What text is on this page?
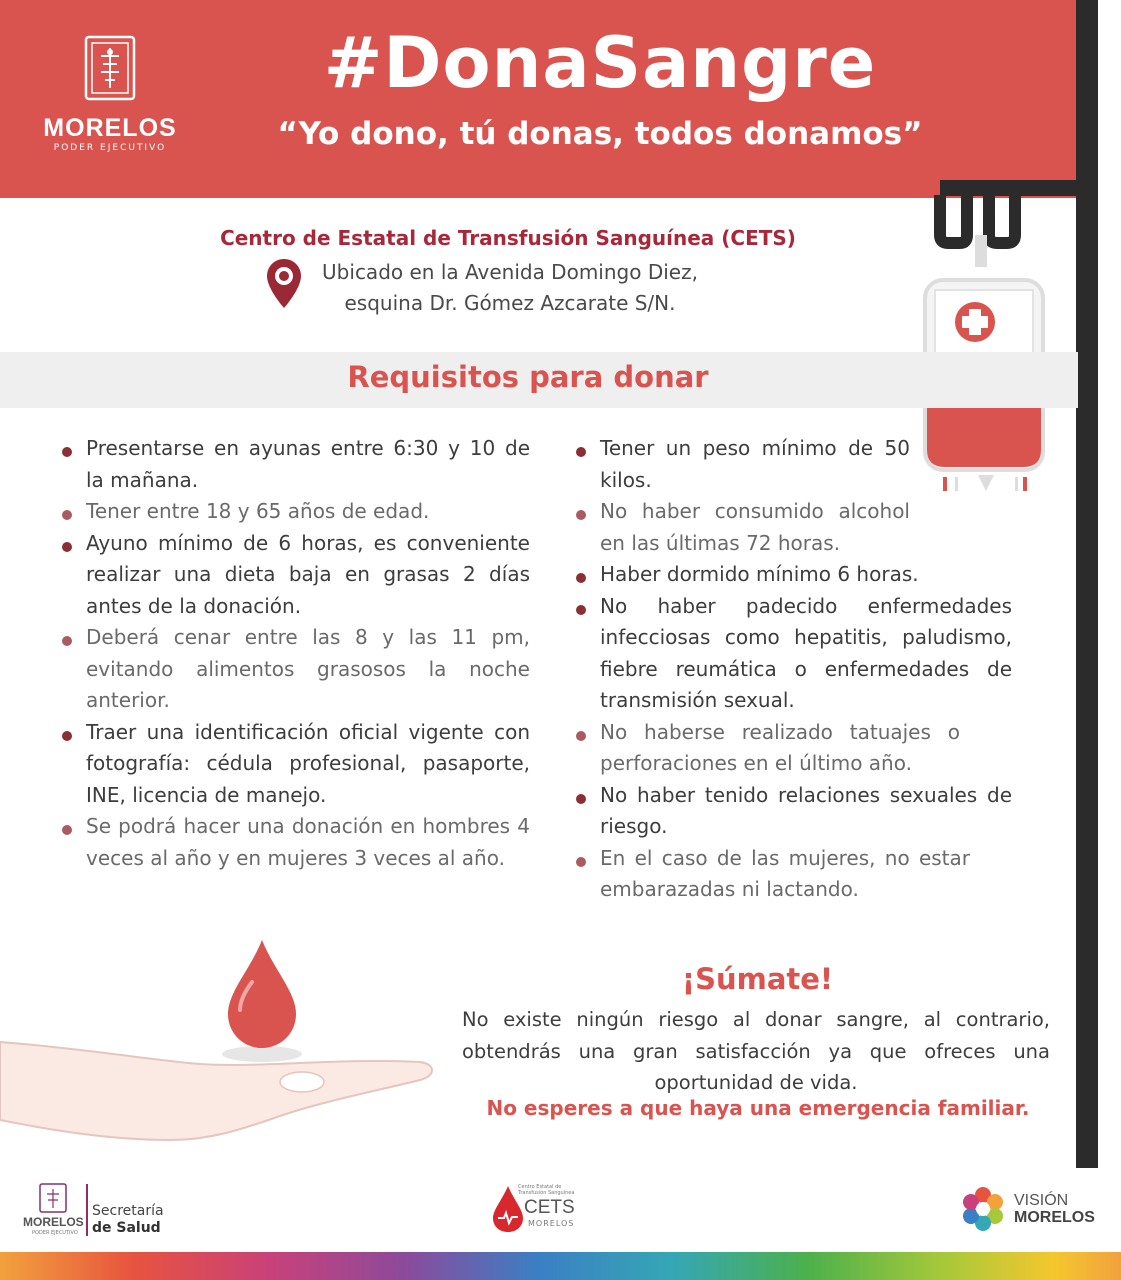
MORELOS
PODER EJECUTIVO
#DonaSangre
“Yo dono, tú donas, todos donamos”
Centro de Estatal de Transfusión Sanguínea (CETS)
Ubicado en la Avenida Domingo Diez,
esquina Dr. Gómez Azcarate S/N.
Requisitos para donar
Presentarse en ayunas entre 6:30 y 10 de la mañana.
Tener entre 18 y 65 años de edad.
Ayuno mínimo de 6 horas, es conveniente realizar una dieta baja en grasas 2 días antes de la donación.
Deberá cenar entre las 8 y las 11 pm, evitando alimentos grasosos la noche anterior.
Traer una identificación oficial vigente con fotografía: cédula profesional, pasaporte, INE, licencia de manejo.
Se podrá hacer una donación en hombres 4 veces al año y en mujeres 3 veces al año.
Tener un peso mínimo de 50 kilos.
No haber consumido alcohol en las últimas 72 horas.
Haber dormido mínimo 6 horas.
No haber padecido enfermedades infecciosas como hepatitis, paludismo, fiebre reumática o enfermedades de transmisión sexual.
No haberse realizado tatuajes o perforaciones en el último año.
No haber tenido relaciones sexuales de riesgo.
En el caso de las mujeres, no estar embarazadas ni lactando.
¡Súmate!
No existe ningún riesgo al donar sangre, al contrario, obtendrás una gran satisfacción ya que ofreces una oportunidad de vida.
No esperes a que haya una emergencia familiar.
MORELOS
PODER EJECUTIVO
Secretaría
de Salud
Centro Estatal de Transfusión Sanguínea
CETS
MORELOS
VISIÓN
MORELOS
